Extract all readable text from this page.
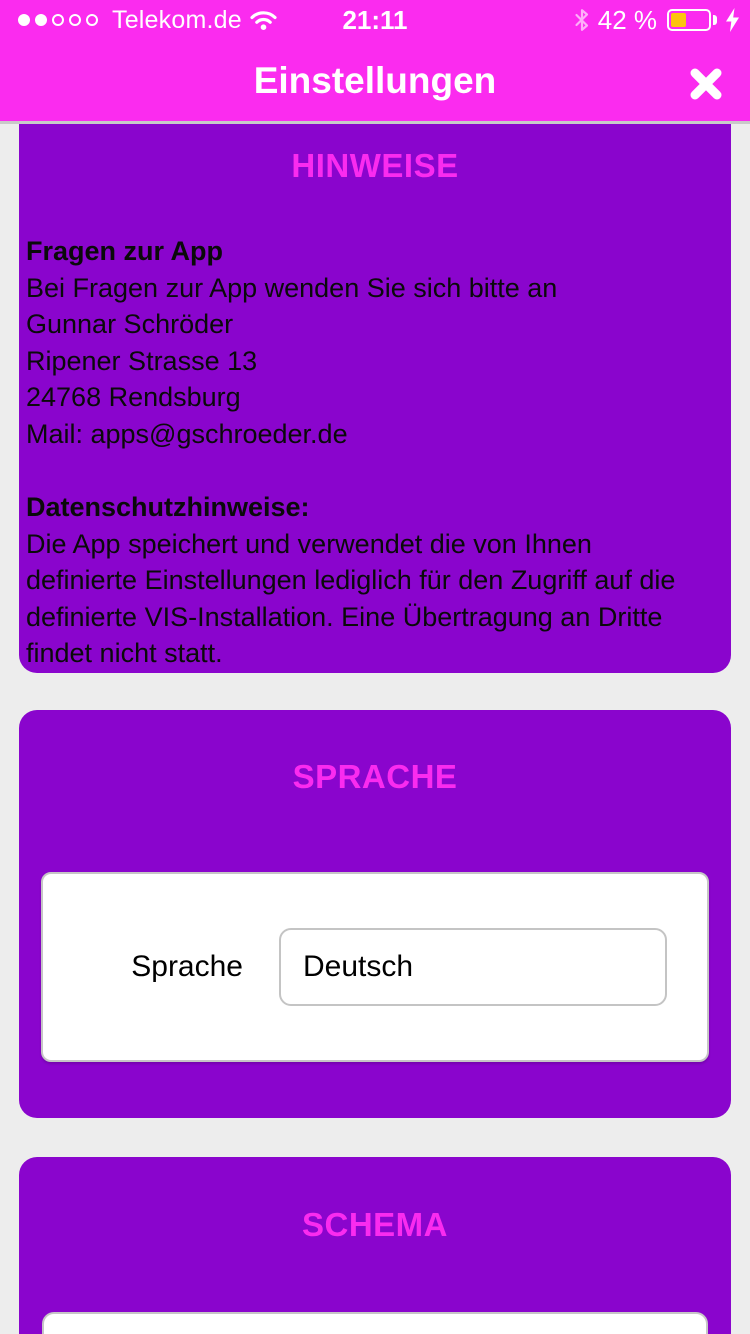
Telekom.de	21:11	42 %
Einstellungen
HINWEISE
Fragen zur App
Bei Fragen zur App wenden Sie sich bitte an
Gunnar Schröder
Ripener Strasse 13
24768 Rendsburg
Mail: apps@gschroeder.de
Datenschutzhinweise:
Die App speichert und verwendet die von Ihnen
definierte Einstellungen lediglich für den Zugriff auf die
definierte VIS-Installation. Eine Übertragung an Dritte
findet nicht statt.
SPRACHE
Sprache Deutsch
SCHEMA
